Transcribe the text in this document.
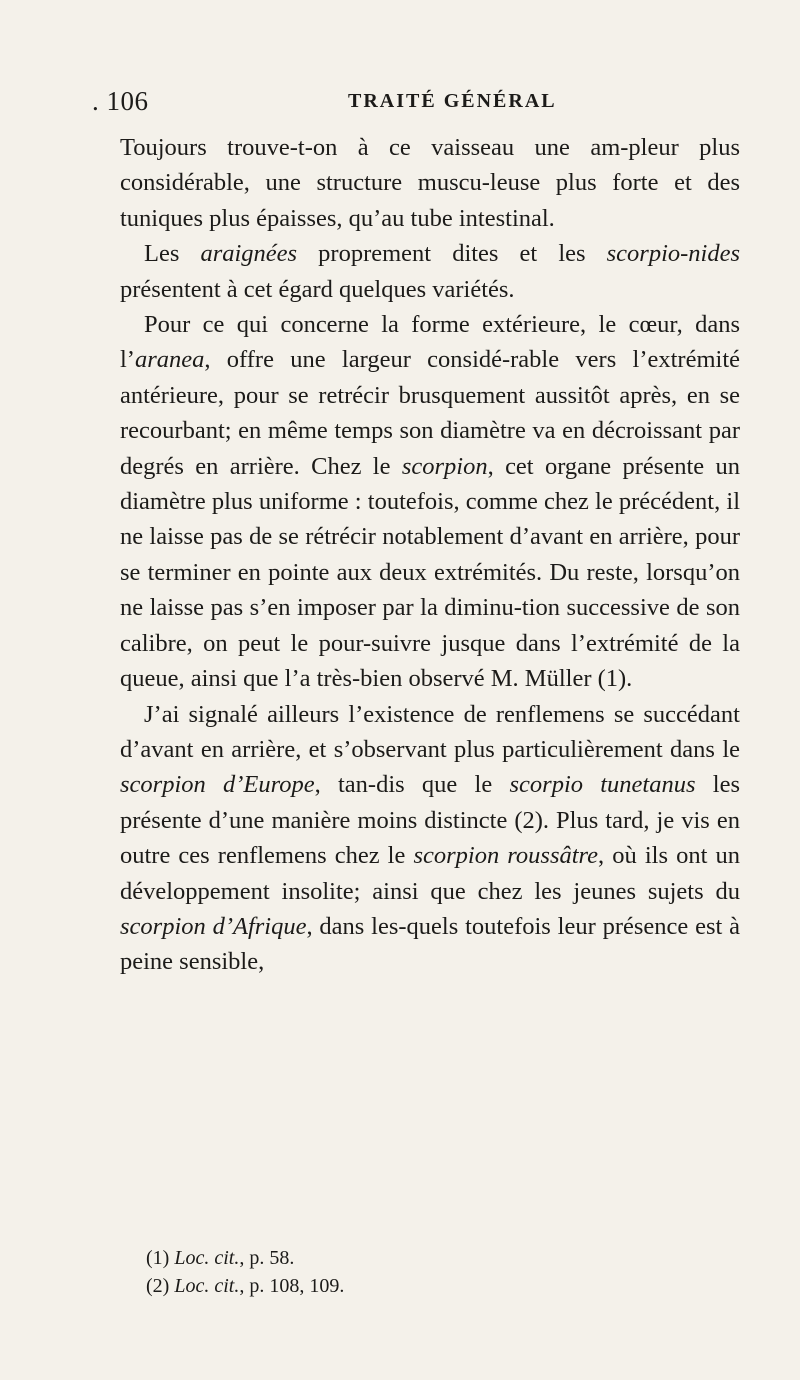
. 106	TRAITÉ GÉNÉRAL

Toujours trouve-t-on à ce vaisseau une am-pleur plus considérable, une structure muscu-leuse plus forte et des tuniques plus épaisses, qu’au tube intestinal.

Les araignées proprement dites et les scorpio-nides présentent à cet égard quelques variétés.

Pour ce qui concerne la forme extérieure, le cœur, dans l’aranea, offre une largeur considé-rable vers l’extrémité antérieure, pour se retrécir brusquement aussitôt après, en se recourbant; en même temps son diamètre va en décroissant par degrés en arrière. Chez le scorpion, cet organe présente un diamètre plus uniforme : toutefois, comme chez le précédent, il ne laisse pas de se rétrécir notablement d’avant en arrière, pour se terminer en pointe aux deux extrémités. Du reste, lorsqu’on ne laisse pas s’en imposer par la diminu-tion successive de son calibre, on peut le pour-suivre jusque dans l’extrémité de la queue, ainsi que l’a très-bien observé M. Müller (1).

J’ai signalé ailleurs l’existence de renflemens se succédant d’avant en arrière, et s’observant plus particulièrement dans le scorpion d’Europe, tan-dis que le scorpio tunetanus les présente d’une manière moins distincte (2). Plus tard, je vis en outre ces renflemens chez le scorpion roussâtre, où ils ont un développement insolite; ainsi que chez les jeunes sujets du scorpion d’Afrique, dans les-quels toutefois leur présence est à peine sensible,

(1) Loc. cit., p. 58.

(2) Loc. cit., p. 108, 109.
